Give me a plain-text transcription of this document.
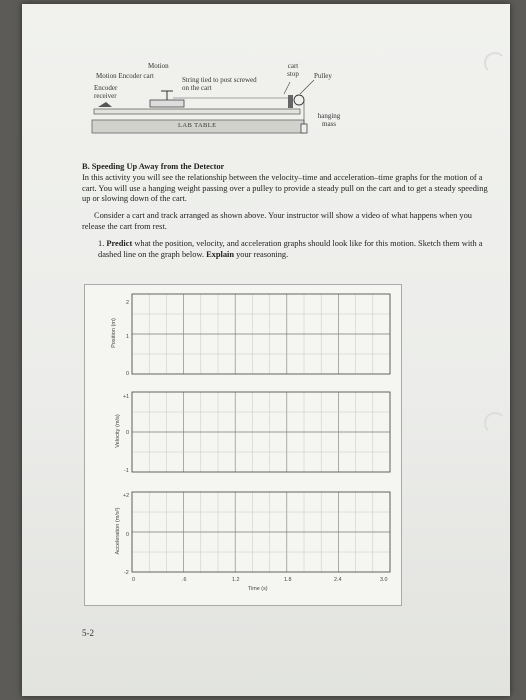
Motion
Motion Encoder cart
Encoder receiver
String tied to post screwed on the cart
cart stop	Pulley
hanging mass
LAB TABLE
B. Speeding Up Away from the Detector
In this activity you will see the relationship between the velocity–time and acceleration–time graphs for the motion of a cart. You will use a hanging weight passing over a pulley to provide a steady pull on the cart and to get a steady speeding up or slowing down of the cart.
Consider a cart and track arranged as shown above. Your instructor will show a video of what happens when you release the cart from rest.
1. Predict what the position, velocity, and acceleration graphs should look like for this motion. Sketch them with a dashed line on the graph below. Explain your reasoning.
Position (m)
2
1
0
Velocity (m/s)
+1
0
-1
Acceleration (m/s²)
+2
0
-2
0	.6	1.2	1.8	2.4	3.0
Time (s)
5-2
